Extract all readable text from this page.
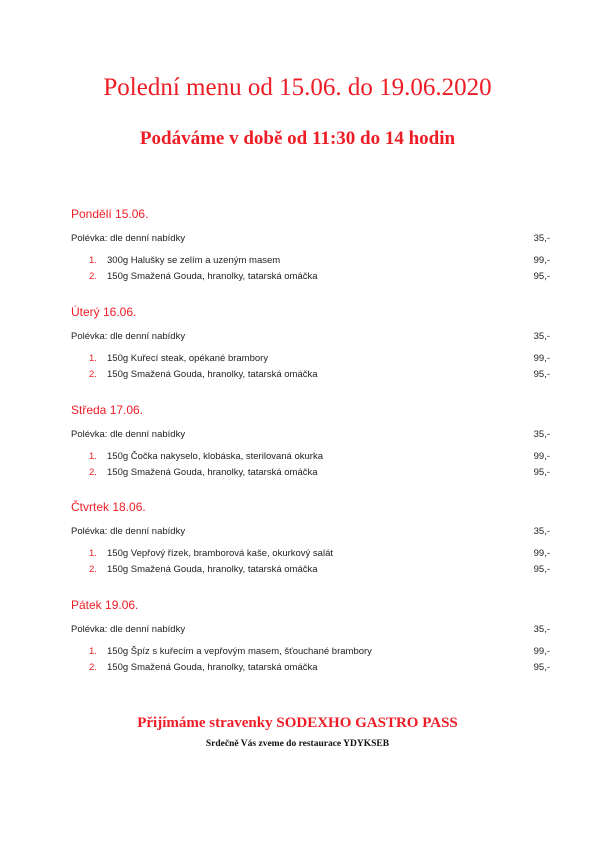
Polední menu od 15.06. do 19.06.2020
Podáváme v době od 11:30 do 14 hodin
Pondělí 15.06.
Polévka: dle denní nabídky	35,-
1. 300g Halušky se zelím a uzeným masem	99,-
2. 150g Smažená Gouda, hranolky, tatarská omáčka	95,-
Úterý 16.06.
Polévka: dle denní nabídky	35,-
1. 150g Kuřecí steak, opékané brambory	99,-
2. 150g Smažená Gouda, hranolky, tatarská omáčka	95,-
Středa 17.06.
Polévka: dle denní nabídky	35,-
1. 150g Čočka nakyselo, klobáska, sterilovaná okurka	99,-
2. 150g Smažená Gouda, hranolky, tatarská omáčka	95,-
Čtvrtek 18.06.
Polévka: dle denní nabídky	35,-
1. 150g Vepřový řízek, bramborová kaše, okurkový salát	99,-
2. 150g Smažená Gouda, hranolky, tatarská omáčka	95,-
Pátek 19.06.
Polévka: dle denní nabídky	35,-
1. 150g Špíz s kuřecím a vepřovým masem, šťouchané brambory	99,-
2. 150g Smažená Gouda, hranolky, tatarská omáčka	95,-
Přijímáme stravenky SODEXHO GASTRO PASS
Srdečně Vás zveme do restaurace YDYKSEB
